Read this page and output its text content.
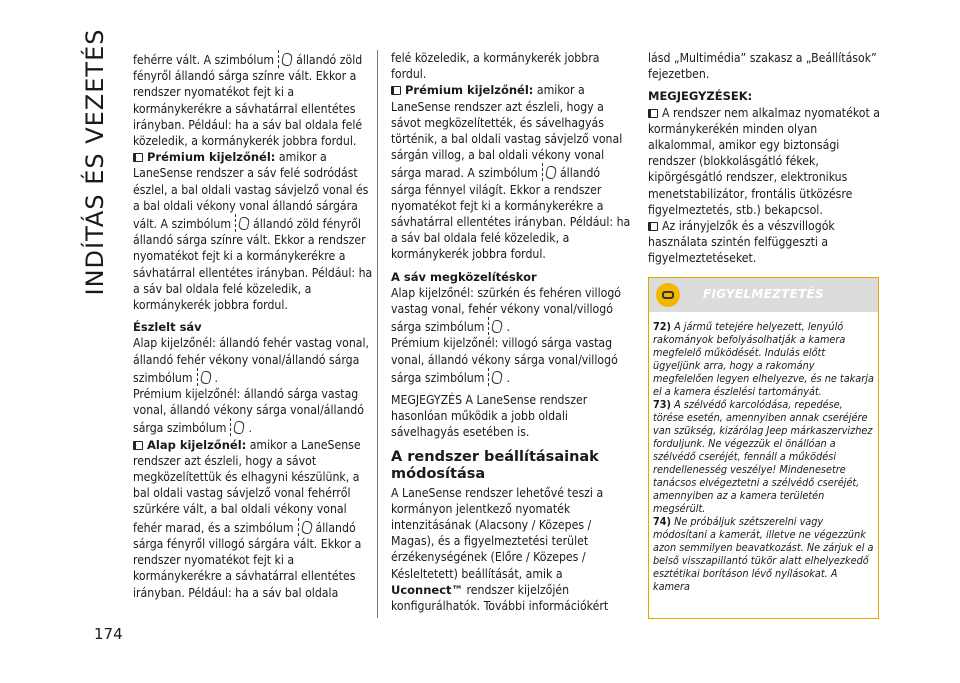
INDÍTÁS ÉS VEZETÉS
174

fehérre vált. A szimbólum állandó zöld fényről állandó sárga színre vált. Ekkor a rendszer nyomatékot fejt ki a kormánykerékre a sávhatárral ellentétes irányban. Például: ha a sáv bal oldala felé közeledik, a kormánykerék jobbra fordul.

Prémium kijelzőnél: amikor a LaneSense rendszer a sáv felé sodródást észlel, a bal oldali vastag sávjelző vonal és a bal oldali vékony vonal állandó sárgára vált. A szimbólum állandó zöld fényről állandó sárga színre vált. Ekkor a rendszer nyomatékot fejt ki a kormánykerékre a sávhatárral ellentétes irányban. Például: ha a sáv bal oldala felé közeledik, a kormánykerék jobbra fordul.

Észlelt sáv

Alap kijelzőnél: állandó fehér vastag vonal, állandó fehér vékony vonal/állandó sárga szimbólum .

Prémium kijelzőnél: állandó sárga vastag vonal, állandó vékony sárga vonal/állandó sárga szimbólum .

Alap kijelzőnél: amikor a LaneSense rendszer azt észleli, hogy a sávot megközelítettük és elhagyni készülünk, a bal oldali vastag sávjelző vonal fehérről szürkére vált, a bal oldali vékony vonal fehér marad, és a szimbólum állandó sárga fényről villogó sárgára vált. Ekkor a rendszer nyomatékot fejt ki a kormánykerékre a sávhatárral ellentétes irányban. Például: ha a sáv bal oldala

felé közeledik, a kormánykerék jobbra fordul.

Prémium kijelzőnél: amikor a LaneSense rendszer azt észleli, hogy a sávot megközelítették, és sávelhagyás történik, a bal oldali vastag sávjelző vonal sárgán villog, a bal oldali vékony vonal sárga marad. A szimbólum állandó sárga fénnyel világít. Ekkor a rendszer nyomatékot fejt ki a kormánykerékre a sávhatárral ellentétes irányban. Például: ha a sáv bal oldala felé közeledik, a kormánykerék jobbra fordul.

A sáv megközelítéskor

Alap kijelzőnél: szürkén és fehéren villogó vastag vonal, fehér vékony vonal/villogó sárga szimbólum .

Prémium kijelzőnél: villogó sárga vastag vonal, állandó vékony sárga vonal/villogó sárga szimbólum .

MEGJEGYZÉS A LaneSense rendszer hasonlóan működik a jobb oldali sávelhagyás esetében is.

A rendszer beállításainak módosítása

A LaneSense rendszer lehetővé teszi a kormányon jelentkező nyomaték intenzitásának (Alacsony / Közepes / Magas), és a figyelmeztetési terület érzékenységének (Előre / Közepes / Késleltetett) beállítását, amik a Uconnect™ rendszer kijelzőjén konfigurálhatók. További információkért

lásd „Multimédia” szakasz a „Beállítások” fejezetben.

MEGJEGYZÉSEK:

A rendszer nem alkalmaz nyomatékot a kormánykerékén minden olyan alkalommal, amikor egy biztonsági rendszer (blokkolásgátló fékek, kipörgésgátló rendszer, elektronikus menetstabilizátor, frontális ütközésre figyelmeztetés, stb.) bekapcsol.

Az irányjelzők és a vészvillogók használata szintén felfüggeszti a figyelmeztetéseket.

FIGYELMEZTETÉS

72) A jármű tetejére helyezett, lenyúló rakományok befolyásolhatják a kamera megfelelő működését. Indulás előtt ügyeljünk arra, hogy a rakomány megfelelően legyen elhelyezve, és ne takarja el a kamera észlelési tartományát.

73) A szélvédő karcolódása, repedése, törése esetén, amennyiben annak cseréjére van szükség, kizárólag Jeep márkaszervizhez forduljunk. Ne végezzük el önállóan a szélvédő cseréjét, fennáll a működési rendellenesség veszélye! Mindenesetre tanácsos elvégeztetni a szélvédő cseréjét, amennyiben az a kamera területén megsérült.

74) Ne próbáljuk szétszerelni vagy módosítani a kamerát, illetve ne végezzünk azon semmilyen beavatkozást. Ne zárjuk el a belső visszapillantó tükör alatt elhelyezkedő esztétikai borításon lévő nyílásokat. A kamera
